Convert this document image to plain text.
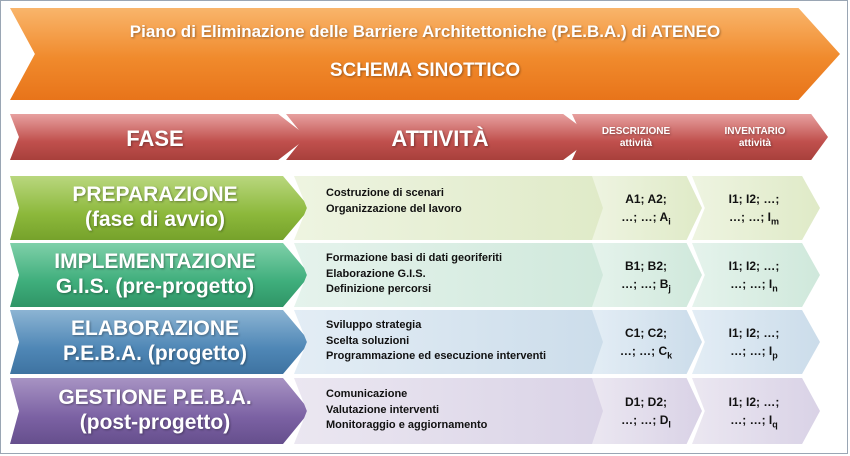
Piano di Eliminazione delle Barriere Architettoniche (P.E.B.A.) di ATENEO
SCHEMA SINOTTICO
FASE	ATTIVITÀ	DESCRIZIONE
attività
INVENTARIO
attività
PREPARAZIONE
(fase di avvio)
Costruzione di scenari
Organizzazione del lavoro
A1; A2;
…; …; $A_i$
I1; I2; …;
…; …; $I_m$
IMPLEMENTAZIONE
G.I.S. (pre-progetto)
Formazione basi di dati georiferiti
Elaborazione G.I.S.
Definizione percorsi
B1; B2;
…; …; $B_j$
I1; I2; …;
…; …; $I_n$
ELABORAZIONE
P.E.B.A. (progetto)
Sviluppo strategia
Scelta soluzioni
Programmazione ed esecuzione interventi
C1; C2;
…; …; $C_k$
I1; I2; …;
…; …; $I_p$
GESTIONE P.E.B.A.
(post-progetto)
Comunicazione
Valutazione interventi
Monitoraggio e aggiornamento
D1; D2;
…; …; $D_l$
I1; I2; …;
…; …; $I_q$
